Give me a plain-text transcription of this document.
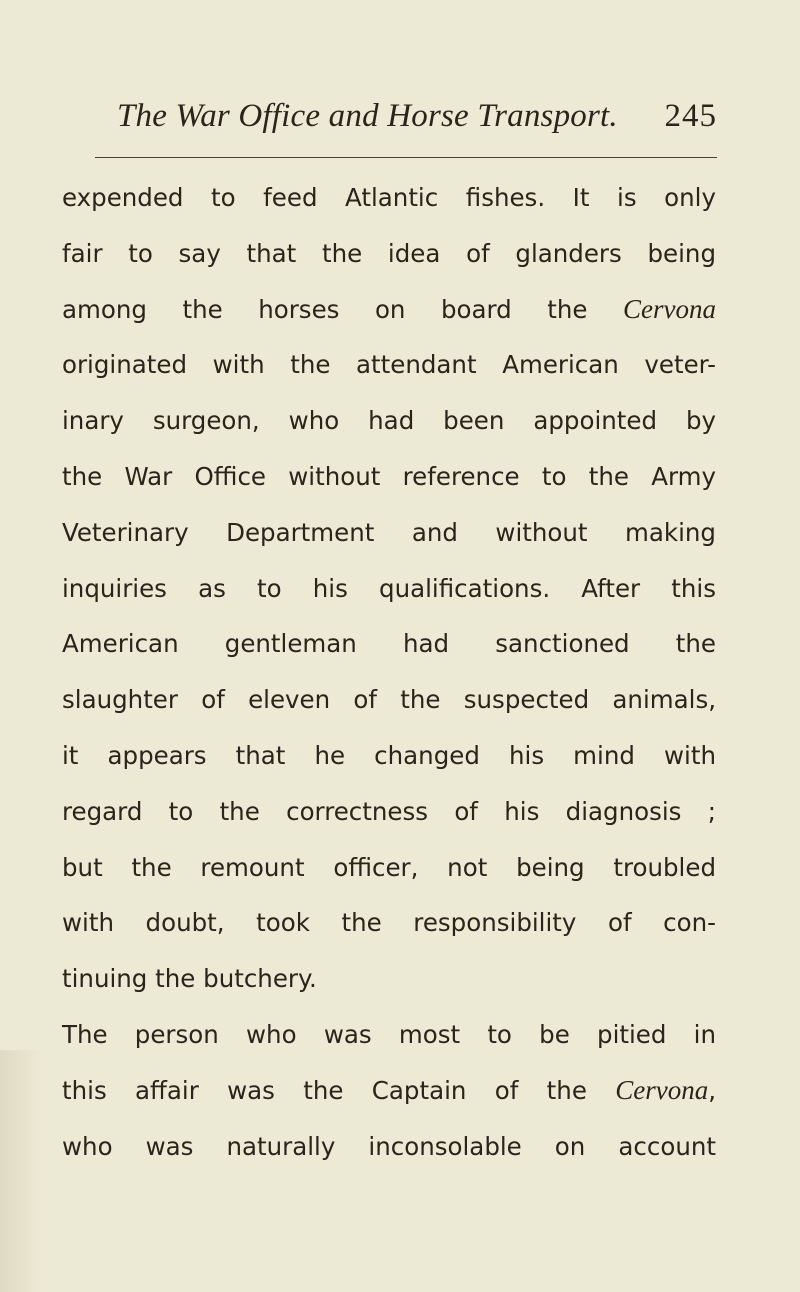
The War Office and Horse Transport. 245
expended to feed Atlantic fishes. It is only
fair to say that the idea of glanders being
among the horses on board the Cervona
originated with the attendant American veter-
inary surgeon, who had been appointed by
the War Office without reference to the Army
Veterinary Department and without making
inquiries as to his qualifications. After this
American gentleman had sanctioned the
slaughter of eleven of the suspected animals,
it appears that he changed his mind with
regard to the correctness of his diagnosis ;
but the remount officer, not being troubled
with doubt, took the responsibility of con-
tinuing the butchery.
The person who was most to be pitied in
this affair was the Captain of the Cervona,
who was naturally inconsolable on account
